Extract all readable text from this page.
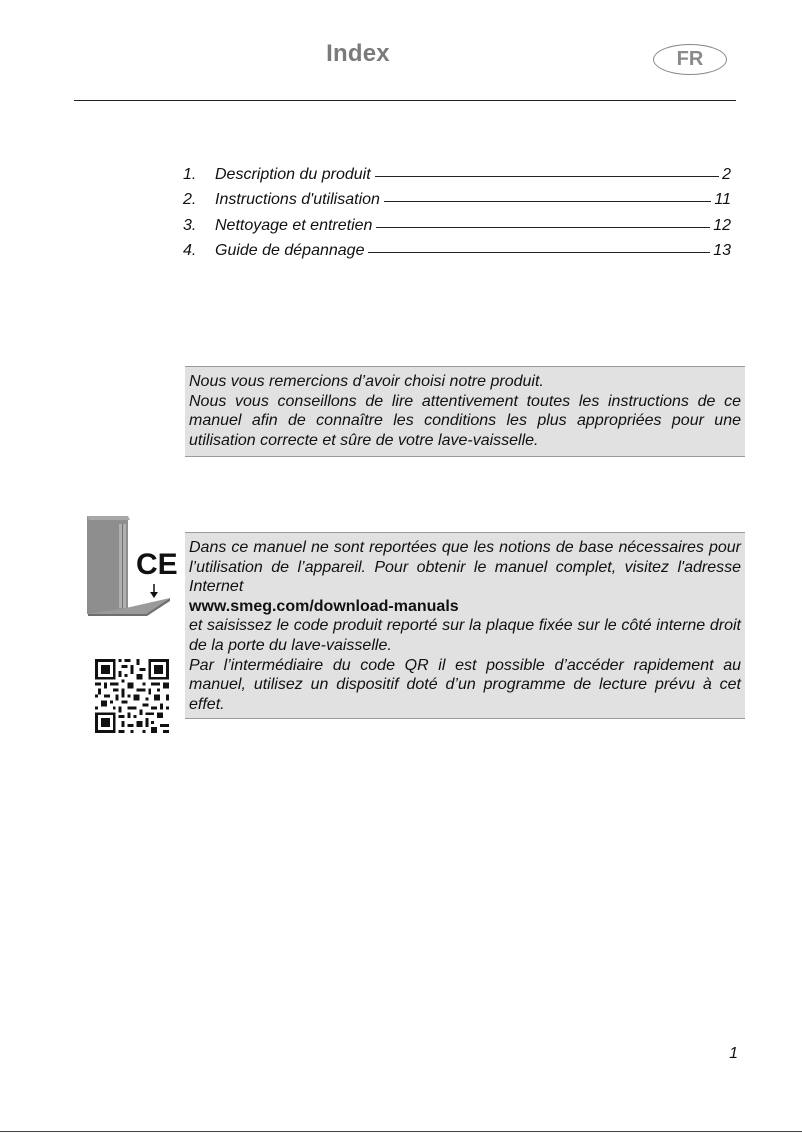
Index	FR
1.	Description du produit	2
2.	Instructions d'utilisation	11
3.	Nettoyage et entretien	12
4.	Guide de dépannage	13

Nous vous remercions d’avoir choisi notre produit.

Nous vous conseillons de lire attentivement toutes les instructions de ce manuel afin de connaître les conditions les plus appropriées pour une utilisation correcte et sûre de votre lave-vaisselle.

CE

Dans ce manuel ne sont reportées que les notions de base nécessaires pour l’utilisation de l’appareil. Pour obtenir le manuel complet, visitez l'adresse Internet

www.smeg.com/download-manuals

et saisissez le code produit reporté sur la plaque fixée sur le côté interne droit de la porte du lave-vaisselle.

Par l’intermédiaire du code QR il est possible d’accéder rapidement au manuel, utilisez un dispositif doté d’un programme de lecture prévu à cet effet.

1
